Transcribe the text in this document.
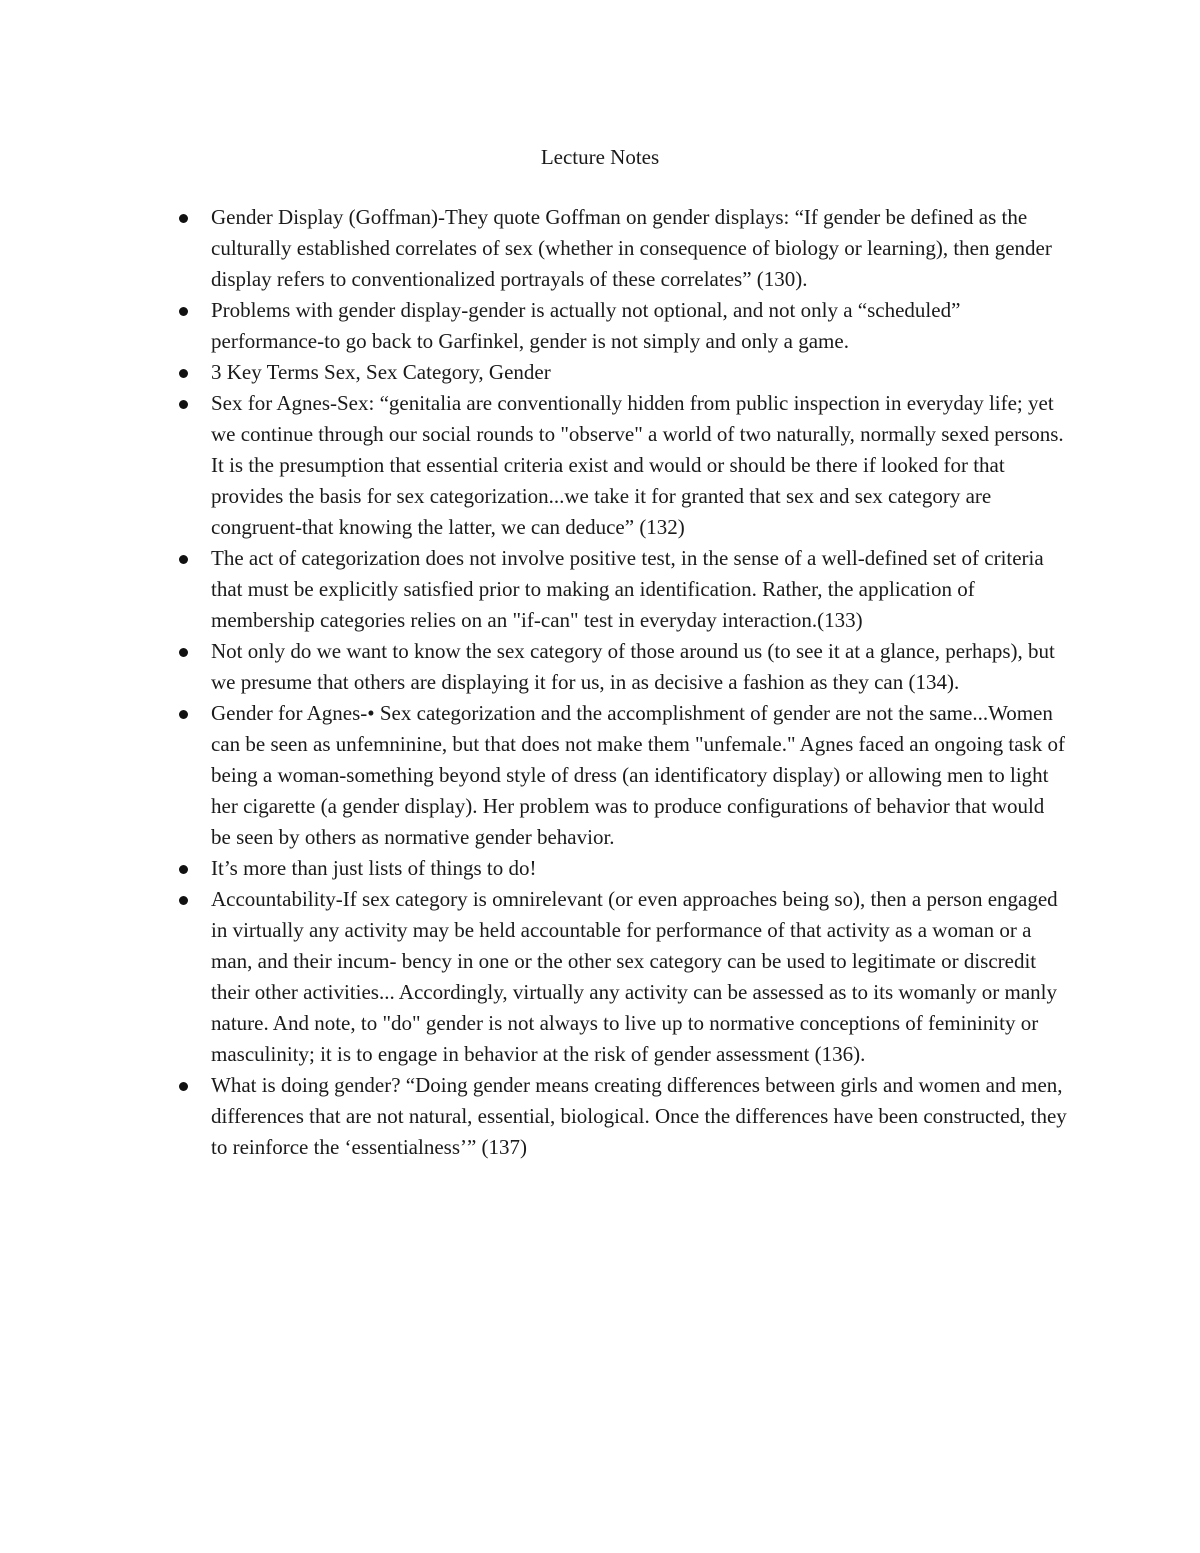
Lecture Notes
Gender Display (Goffman)-They quote Goffman on gender displays: “If gender be defined as the culturally established correlates of sex (whether in consequence of biology or learning), then gender display refers to conventionalized portrayals of these correlates” (130).
Problems with gender display-gender is actually not optional, and not only a “scheduled” performance-to go back to Garfinkel, gender is not simply and only a game.
3 Key Terms Sex, Sex Category, Gender
Sex for Agnes-Sex: “genitalia are conventionally hidden from public inspection in everyday life; yet we continue through our social rounds to "observe" a world of two naturally, normally sexed persons. It is the presumption that essential criteria exist and would or should be there if looked for that provides the basis for sex categorization...we take it for granted that sex and sex category are congruent-that knowing the latter, we can deduce” (132)
The act of categorization does not involve positive test, in the sense of a well-defined set of criteria that must be explicitly satisfied prior to making an identification. Rather, the application of membership categories relies on an "if-can" test in everyday interaction.(133)
Not only do we want to know the sex category of those around us (to see it at a glance, perhaps), but we presume that others are displaying it for us, in as decisive a fashion as they can (134).
Gender for Agnes-• Sex categorization and the accomplishment of gender are not the same...Women can be seen as unfemninine, but that does not make them "unfemale." Agnes faced an ongoing task of being a woman-something beyond style of dress (an identificatory display) or allowing men to light her cigarette (a gender display). Her problem was to produce configurations of behavior that would be seen by others as normative gender behavior.
It’s more than just lists of things to do!
Accountability-If sex category is omnirelevant (or even approaches being so), then a person engaged in virtually any activity may be held accountable for performance of that activity as a woman or a man, and their incum- bency in one or the other sex category can be used to legitimate or discredit their other activities... Accordingly, virtually any activity can be assessed as to its womanly or manly nature. And note, to "do" gender is not always to live up to normative conceptions of femininity or masculinity; it is to engage in behavior at the risk of gender assessment (136).
What is doing gender? “Doing gender means creating differences between girls and women and men, differences that are not natural, essential, biological. Once the differences have been constructed, they to reinforce the ‘essentialness’” (137)
